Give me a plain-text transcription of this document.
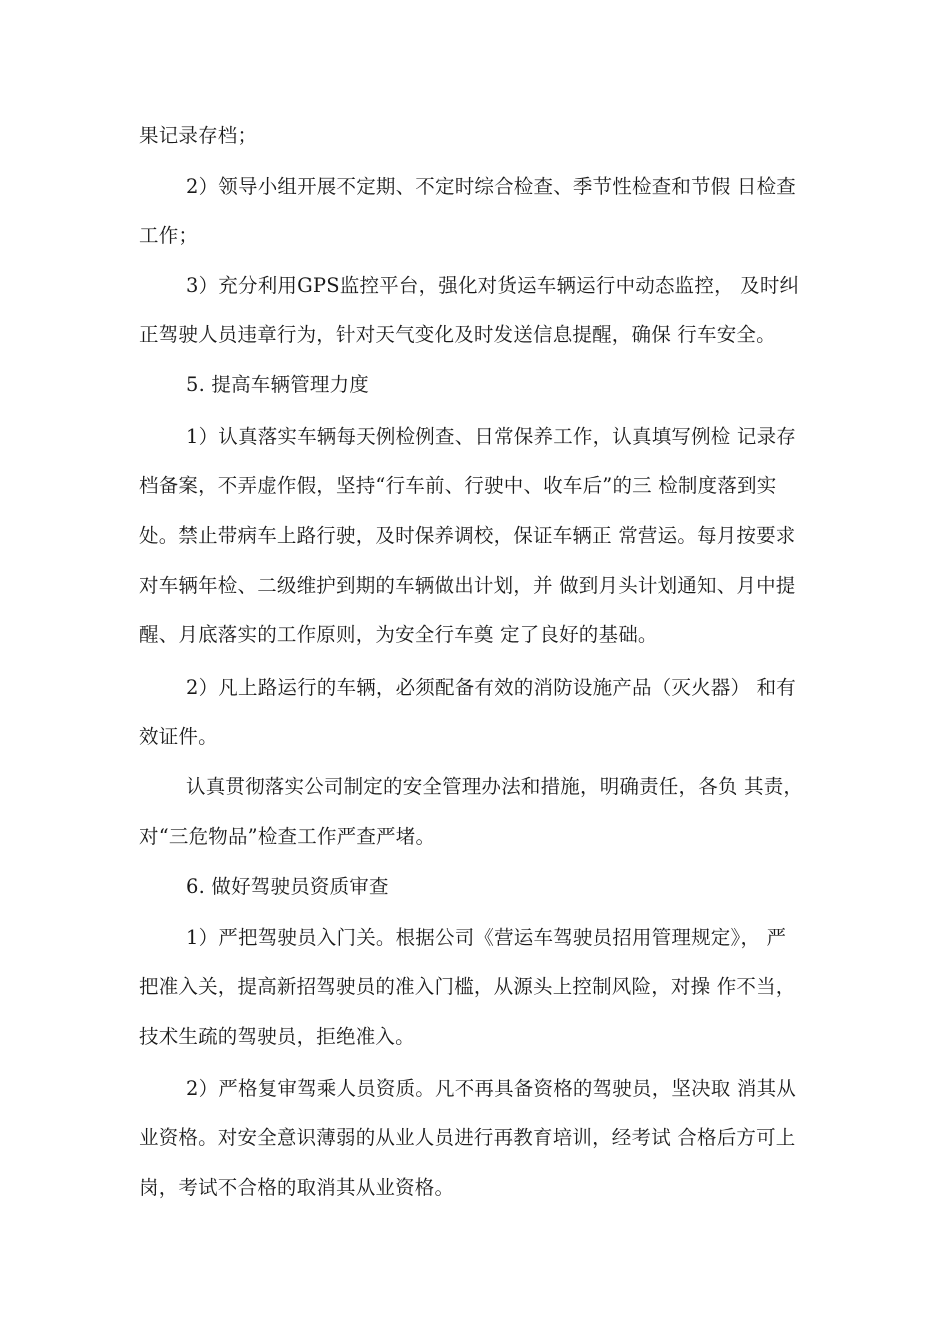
果记录存档；
2）领导小组开展不定期、不定时综合检查、季节性检查和节假 日检查
工作；
3）充分利用GPS监控平台，强化对货运车辆运行中动态监控， 及时纠
正驾驶人员违章行为，针对天气变化及时发送信息提醒，确保 行车安全。
5. 提高车辆管理力度
1）认真落实车辆每天例检例查、日常保养工作，认真填写例检 记录存
档备案，不弄虚作假，坚持“行车前、行驶中、收车后”的三 检制度落到实
处。禁止带病车上路行驶，及时保养调校，保证车辆正 常营运。每月按要求
对车辆年检、二级维护到期的车辆做出计划，并 做到月头计划通知、月中提
醒、月底落实的工作原则，为安全行车奠 定了良好的基础。
2）凡上路运行的车辆，必须配备有效的消防设施产品（灭火器） 和有
效证件。
认真贯彻落实公司制定的安全管理办法和措施，明确责任，各负 其责，
对“三危物品”检查工作严查严堵。
6. 做好驾驶员资质审查
1）严把驾驶员入门关。根据公司《营运车驾驶员招用管理规定》， 严
把准入关，提高新招驾驶员的准入门槛，从源头上控制风险，对操 作不当，
技术生疏的驾驶员，拒绝准入。
2）严格复审驾乘人员资质。凡不再具备资格的驾驶员，坚决取 消其从
业资格。对安全意识薄弱的从业人员进行再教育培训，经考试 合格后方可上
岗，考试不合格的取消其从业资格。
